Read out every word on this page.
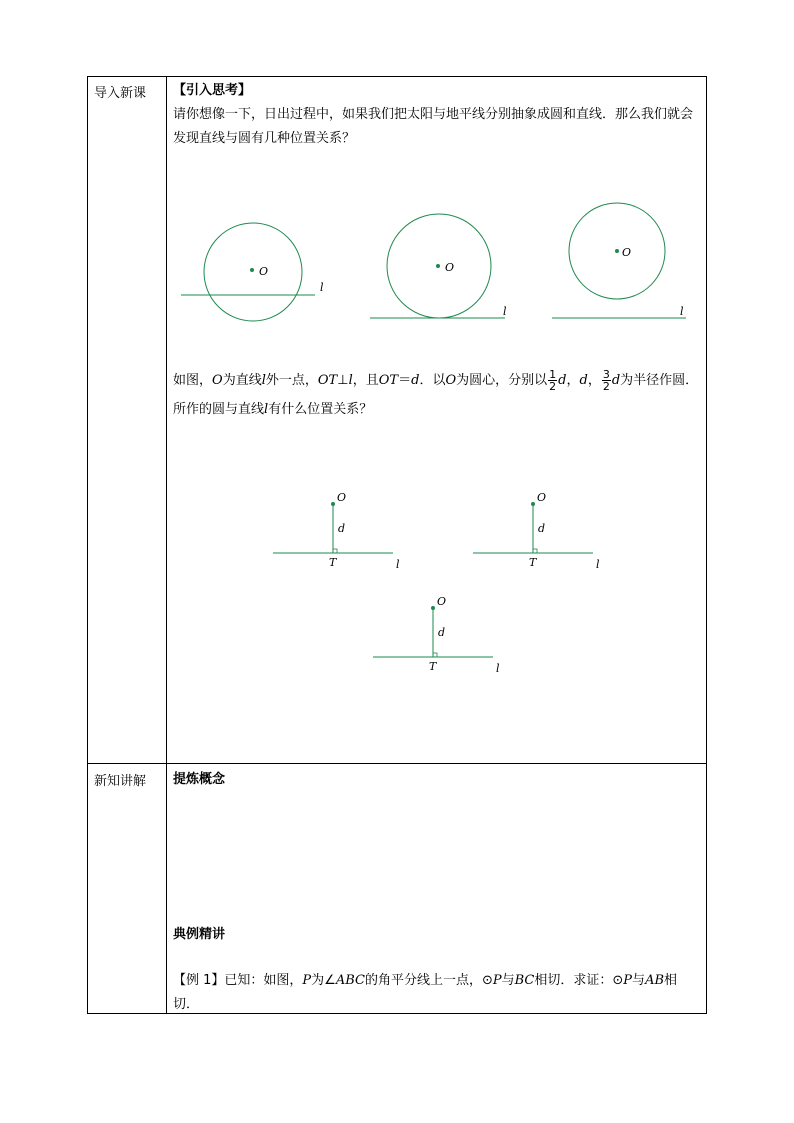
导入新课 【引入思考】
请你想像一下，日出过程中，如果我们把太阳与地平线分别抽象成圆和直线．那么我们就会发现直线与圆有几种位置关系？
O
l
O
l
O
l
如图，O为直线l外一点，OT⊥l，且OT＝d．以O为圆心，分别以 $\frac{1}{2}$ d，d， $\frac{3}{2}$ d为半径作圆．所作的圆与直线l有什么位置关系？
O
d
T	l
O
d
T	l
O
d
T	l
新知讲解 提炼概念
典例精讲
【例 1】已知：如图，P为∠ABC的角平分线上一点，⊙P与BC相切．求证：⊙P与AB相切．
